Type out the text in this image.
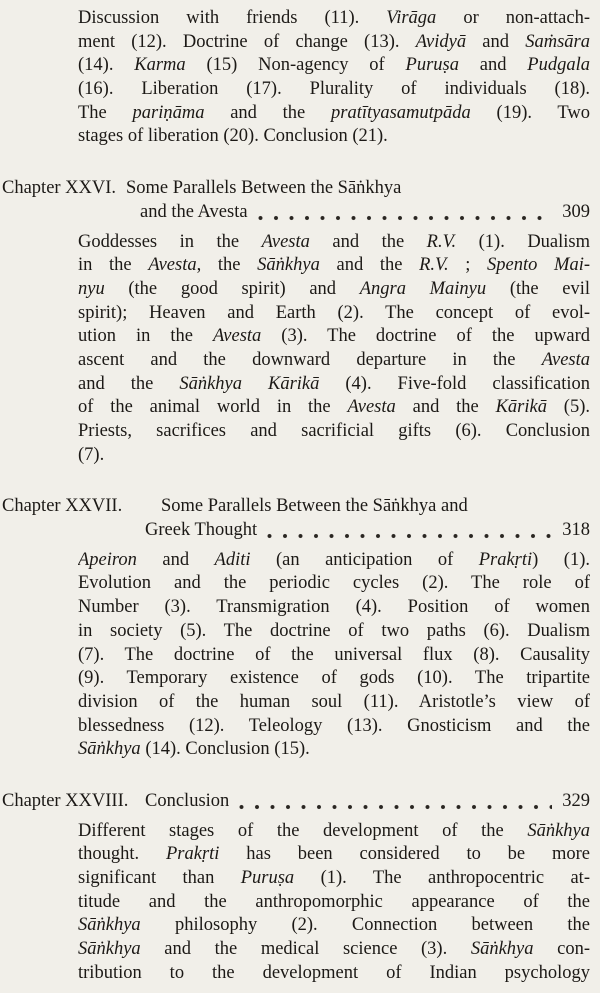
Discussion with friends (11). Virāga or non-attach-
ment (12). Doctrine of change (13). Avidyā and Saṁsāra
(14). Karma (15) Non-agency of Puruṣa and Pudgala
(16). Liberation (17). Plurality of individuals (18).
The pariṇāma and the pratītyasamutpāda (19). Two
stages of liberation (20). Conclusion (21).
Chapter XXVI. Some Parallels Between the Sāṅkhya
and the Avesta	309
Goddesses in the Avesta and the R.V. (1). Dualism
in the Avesta, the Sāṅkhya and the R.V. ; Spento Mai-
nyu (the good spirit) and Angra Mainyu (the evil
spirit); Heaven and Earth (2). The concept of evol-
ution in the Avesta (3). The doctrine of the upward
ascent and the downward departure in the Avesta
and the Sāṅkhya Kārikā (4). Five-fold classification
of the animal world in the Avesta and the Kārikā (5).
Priests, sacrifices and sacrificial gifts (6). Conclusion
(7).
Chapter XXVII. Some Parallels Between the Sāṅkhya and
Greek Thought	318
Apeiron and Aditi (an anticipation of Prakṛti) (1).
Evolution and the periodic cycles (2). The role of
Number (3). Transmigration (4). Position of women
in society (5). The doctrine of two paths (6). Dualism
(7). The doctrine of the universal flux (8). Causality
(9). Temporary existence of gods (10). The tripartite
division of the human soul (11). Aristotle’s view of
blessedness (12). Teleology (13). Gnosticism and the
Sāṅkhya (14). Conclusion (15).
Chapter XXVIII. Conclusion	329
Different stages of the development of the Sāṅkhya
thought. Prakṛti has been considered to be more
significant than Puruṣa (1). The anthropocentric at-
titude and the anthropomorphic appearance of the
Sāṅkhya philosophy (2). Connection between the
Sāṅkhya and the medical science (3). Sāṅkhya con-
tribution to the development of Indian psychology
